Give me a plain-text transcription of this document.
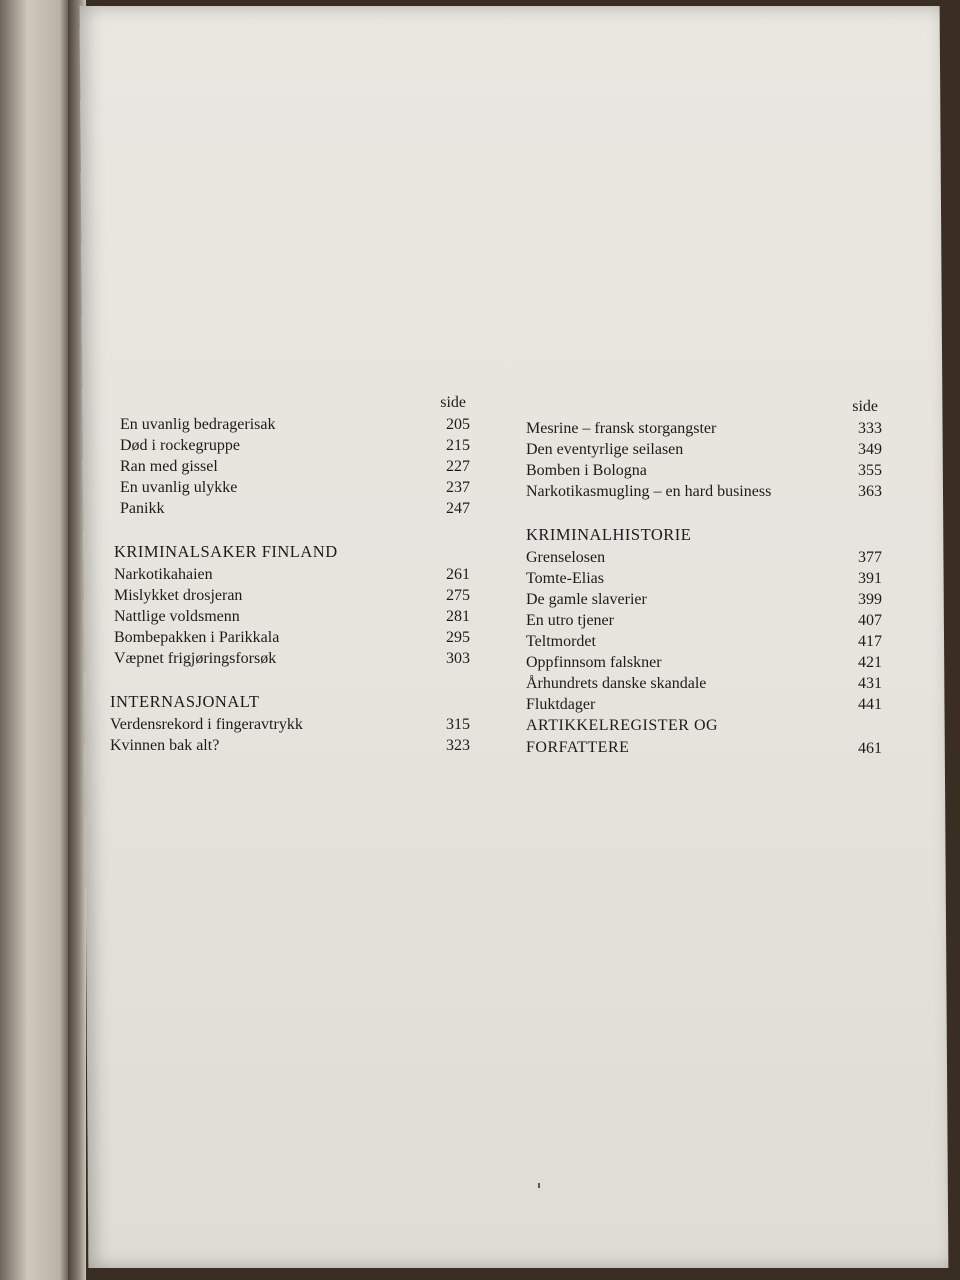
side
En uvanlig bedragerisak	205
Død i rockegruppe	215
Ran med gissel	227
En uvanlig ulykke	237
Panikk	247
KRIMINALSAKER FINLAND
Narkotikahaien	261
Mislykket drosjeran	275
Nattlige voldsmenn	281
Bombepakken i Parikkala	295
Væpnet frigjøringsforsøk	303
INTERNASJONALT
Verdensrekord i fingeravtrykk	315
Kvinnen bak alt?	323
side
Mesrine – fransk storgangster	333
Den eventyrlige seilasen	349
Bomben i Bologna	355
Narkotikasmugling – en hard business	363
KRIMINALHISTORIE
Grenselosen	377
Tomte-Elias	391
De gamle slaverier	399
En utro tjener	407
Teltmordet	417
Oppfinnsom falskner	421
Århundrets danske skandale	431
Fluktdager	441
ARTIKKELREGISTER OG
FORFATTERE	461
